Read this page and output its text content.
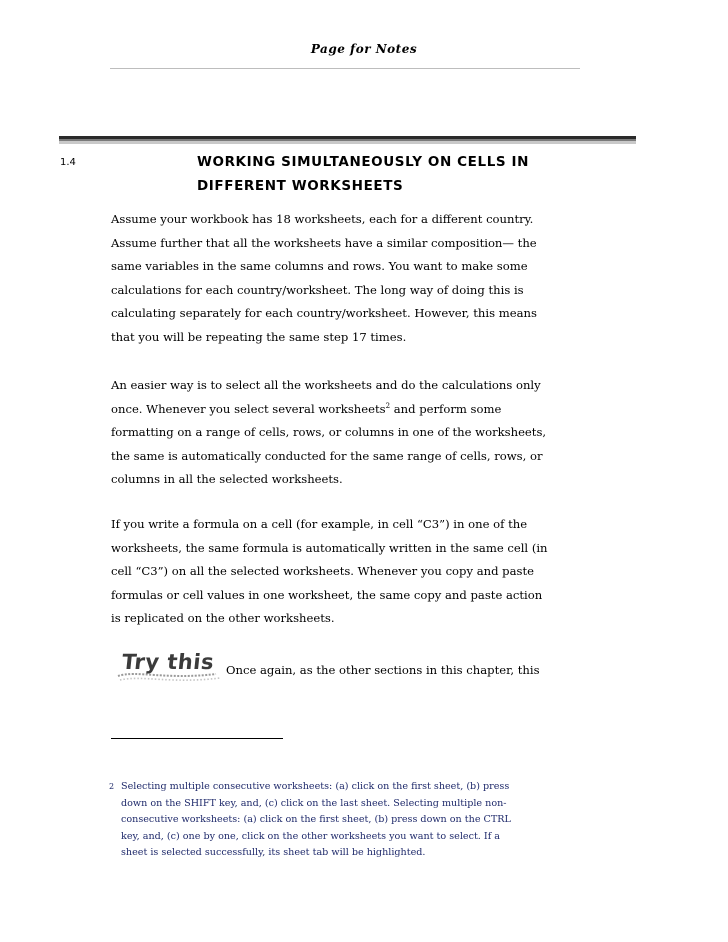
Page for Notes
1.4	WORKING SIMULTANEOUSLY ON CELLS IN
DIFFERENT WORKSHEETS
Assume your workbook has 18 worksheets, each for a different country.
Assume further that all the worksheets have a similar composition— the
same variables in the same columns and rows. You want to make some
calculations for each country/worksheet. The long way of doing this is
calculating separately for each country/worksheet. However, this means
that you will be repeating the same step 17 times.
An easier way is to select all the worksheets and do the calculations only
once. Whenever you select several worksheets$^2$ and perform some
formatting on a range of cells, rows, or columns in one of the worksheets,
the same is automatically conducted for the same range of cells, rows, or
columns in all the selected worksheets.
If you write a formula on a cell (for example, in cell “C3”) in one of the
worksheets, the same formula is automatically written in the same cell (in
cell “C3”) on all the selected worksheets. Whenever you copy and paste
formulas or cell values in one worksheet, the same copy and paste action
is replicated on the other worksheets.
Try this Once again, as the other sections in this chapter, this
2 Selecting multiple consecutive worksheets: (a) click on the first sheet, (b) press
down on the SHIFT key, and, (c) click on the last sheet. Selecting multiple non-
consecutive worksheets: (a) click on the first sheet, (b) press down on the CTRL
key, and, (c) one by one, click on the other worksheets you want to select. If a
sheet is selected successfully, its sheet tab will be highlighted.
